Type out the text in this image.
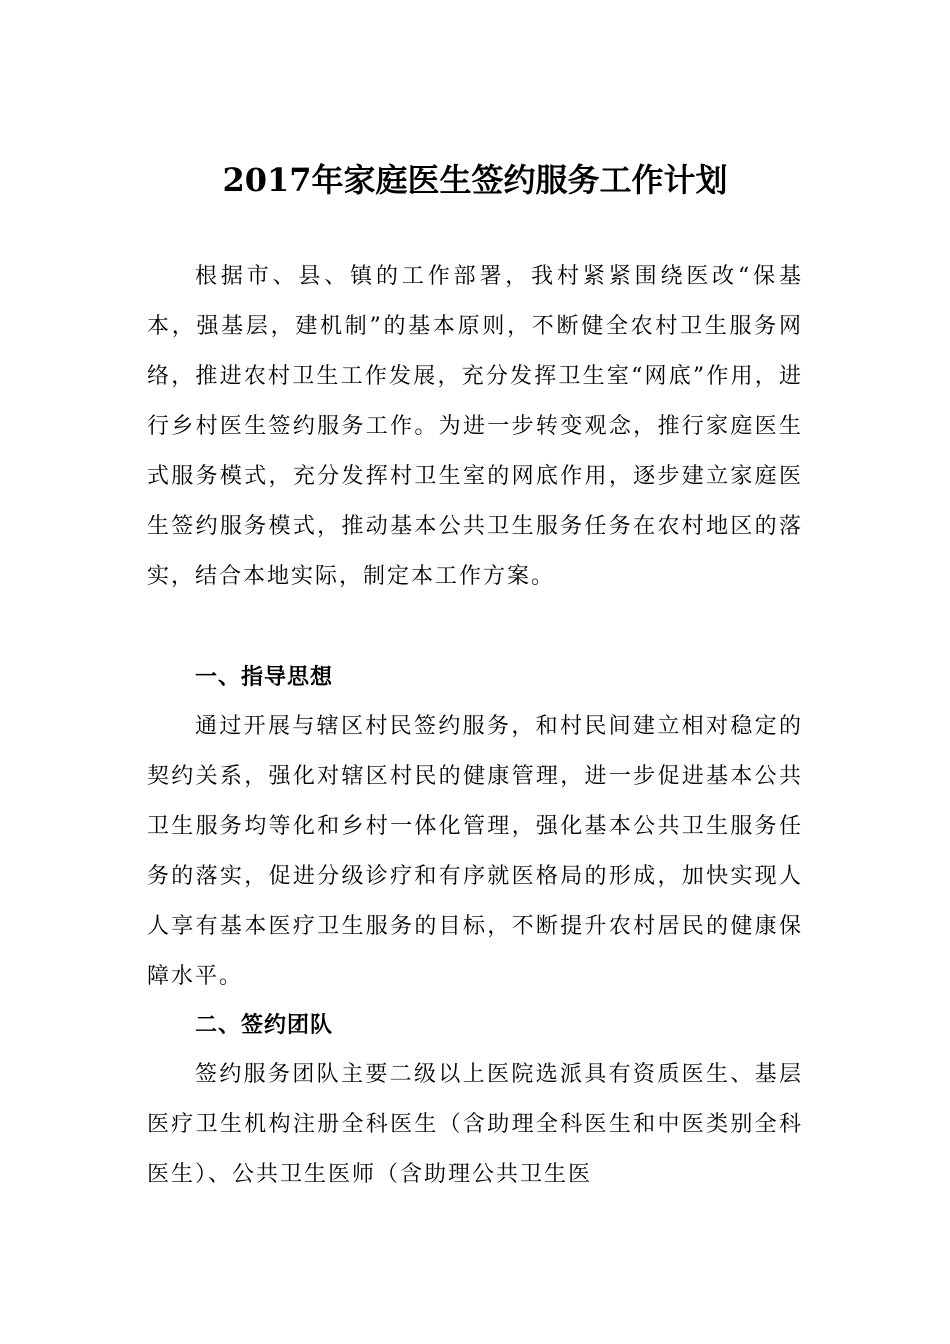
2017年家庭医生签约服务工作计划

根据市、县、镇的工作部署，我村紧紧围绕医改“保基本，强基层，建机制”的基本原则，不断健全农村卫生服务网络，推进农村卫生工作发展，充分发挥卫生室“网底”作用，进行乡村医生签约服务工作。为进一步转变观念，推行家庭医生式服务模式，充分发挥村卫生室的网底作用，逐步建立家庭医生签约服务模式，推动基本公共卫生服务任务在农村地区的落实，结合本地实际，制定本工作方案。

一、指导思想

通过开展与辖区村民签约服务，和村民间建立相对稳定的契约关系，强化对辖区村民的健康管理，进一步促进基本公共卫生服务均等化和乡村一体化管理，强化基本公共卫生服务任务的落实，促进分级诊疗和有序就医格局的形成，加快实现人人享有基本医疗卫生服务的目标，不断提升农村居民的健康保障水平。

二、签约团队

签约服务团队主要二级以上医院选派具有资质医生、基层医疗卫生机构注册全科医生（含助理全科医生和中医类别全科医生）、公共卫生医师（含助理公共卫生医
